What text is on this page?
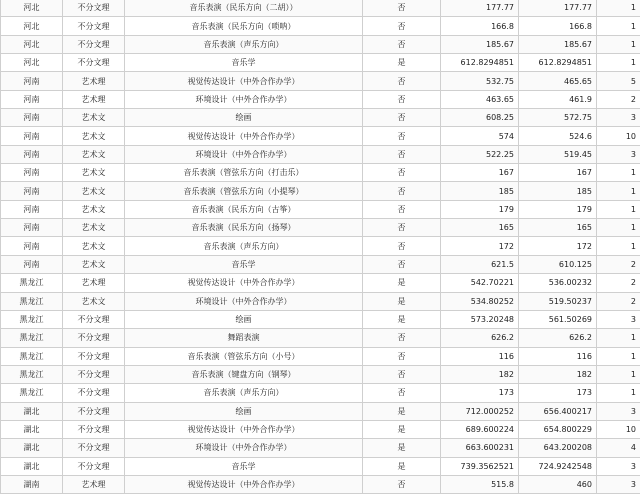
河北	不分文理	音乐表演（民乐方向（二胡））	否	177.77	177.77	1
河北	不分文理	音乐表演（民乐方向（唢呐）	否	166.8	166.8	1
河北	不分文理	音乐表演（声乐方向）	否	185.67	185.67	1
河北	不分文理	音乐学	是	612.8294851	612.8294851	1
河南	艺术理	视觉传达设计（中外合作办学）	否	532.75	465.65	5
河南	艺术理	环境设计（中外合作办学）	否	463.65	461.9	2
河南	艺术文	绘画	否	608.25	572.75	3
河南	艺术文	视觉传达设计（中外合作办学）	否	574	524.6	10
河南	艺术文	环境设计（中外合作办学）	否	522.25	519.45	3
河南	艺术文	音乐表演（管弦乐方向（打击乐）	否	167	167	1
河南	艺术文	音乐表演（管弦乐方向（小提琴）	否	185	185	1
河南	艺术文	音乐表演（民乐方向（古筝）	否	179	179	1
河南	艺术文	音乐表演（民乐方向（扬琴）	否	165	165	1
河南	艺术文	音乐表演（声乐方向）	否	172	172	1
河南	艺术文	音乐学	否	621.5	610.125	2
黑龙江	艺术理	视觉传达设计（中外合作办学）	是	542.70221	536.00232	2
黑龙江	艺术文	环境设计（中外合作办学）	是	534.80252	519.50237	2
黑龙江	不分文理	绘画	是	573.20248	561.50269	3
黑龙江	不分文理	舞蹈表演	否	626.2	626.2	1
黑龙江	不分文理	音乐表演（管弦乐方向（小号）	否	116	116	1
黑龙江	不分文理	音乐表演（键盘方向（钢琴）	否	182	182	1
黑龙江	不分文理	音乐表演（声乐方向）	否	173	173	1
湖北	不分文理	绘画	是	712.000252	656.400217	3
湖北	不分文理	视觉传达设计（中外合作办学）	是	689.600224	654.800229	10
湖北	不分文理	环境设计（中外合作办学）	是	663.600231	643.200208	4
湖北	不分文理	音乐学	是	739.3562521	724.9242548	3
湖南	艺术理	视觉传达设计（中外合作办学）	否	515.8	460	3
